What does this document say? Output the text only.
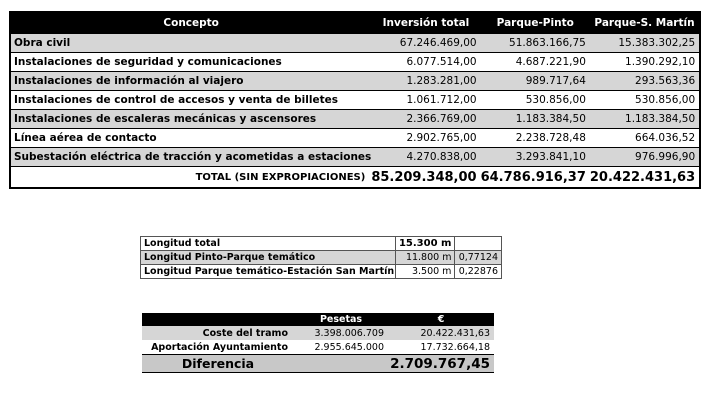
Concepto	Inversión total	Parque-Pinto	Parque-S. Martín
Obra civil	67.246.469,00	51.863.166,75	15.383.302,25
Instalaciones de seguridad y comunicaciones	6.077.514,00	4.687.221,90	1.390.292,10
Instalaciones de información al viajero	1.283.281,00	989.717,64	293.563,36
Instalaciones de control de accesos y venta de billetes	1.061.712,00	530.856,00	530.856,00
Instalaciones de escaleras mecánicas y ascensores	2.366.769,00	1.183.384,50	1.183.384,50
Línea aérea de contacto	2.902.765,00	2.238.728,48	664.036,52
Subestación eléctrica de tracción y acometidas a estaciones	4.270.838,00	3.293.841,10	976.996,90
TOTAL (SIN EXPROPIACIONES)	85.209.348,00	64.786.916,37	20.422.431,63
Longitud total	15.300 m	
Longitud Pinto-Parque temático	11.800 m	0,77124
Longitud Parque temático-Estación San Martín	3.500 m	0,22876
	Pesetas	€
Coste del tramo	3.398.006.709	20.422.431,63
Aportación Ayuntamiento	2.955.645.000	17.732.664,18
Diferencia		2.709.767,45
